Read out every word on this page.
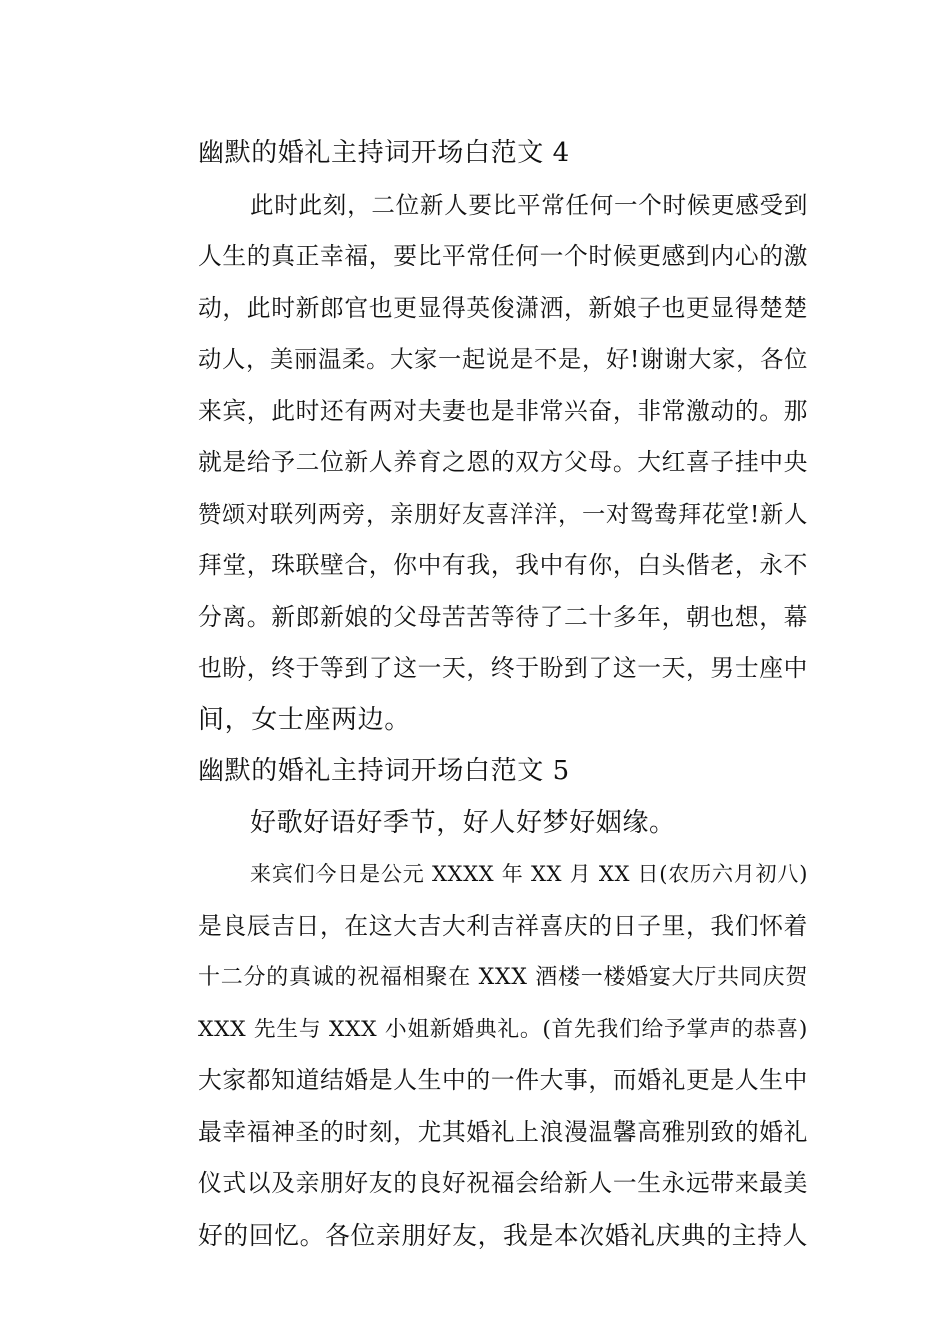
幽默的婚礼主持词开场白范文 4
此时此刻，二位新人要比平常任何一个时候更感受到
人生的真正幸福，要比平常任何一个时候更感到内心的激
动，此时新郎官也更显得英俊潇洒，新娘子也更显得楚楚
动人，美丽温柔。大家一起说是不是，好!谢谢大家，各位
来宾，此时还有两对夫妻也是非常兴奋，非常激动的。那
就是给予二位新人养育之恩的双方父母。大红喜子挂中央
赞颂对联列两旁，亲朋好友喜洋洋，一对鸳鸯拜花堂!新人
拜堂，珠联壁合，你中有我，我中有你，白头偕老，永不
分离。新郎新娘的父母苦苦等待了二十多年，朝也想，幕
也盼，终于等到了这一天，终于盼到了这一天，男士座中
间，女士座两边。
幽默的婚礼主持词开场白范文 5
好歌好语好季节，好人好梦好姻缘。
来宾们今日是公元 XXXX 年 XX 月 XX 日(农历六月初八)
是良辰吉日，在这大吉大利吉祥喜庆的日子里，我们怀着
十二分的真诚的祝福相聚在 XXX 酒楼一楼婚宴大厅共同庆贺
XXX 先生与 XXX 小姐新婚典礼。(首先我们给予掌声的恭喜)
大家都知道结婚是人生中的一件大事，而婚礼更是人生中
最幸福神圣的时刻，尤其婚礼上浪漫温馨高雅别致的婚礼
仪式以及亲朋好友的良好祝福会给新人一生永远带来最美
好的回忆。各位亲朋好友，我是本次婚礼庆典的主持人
